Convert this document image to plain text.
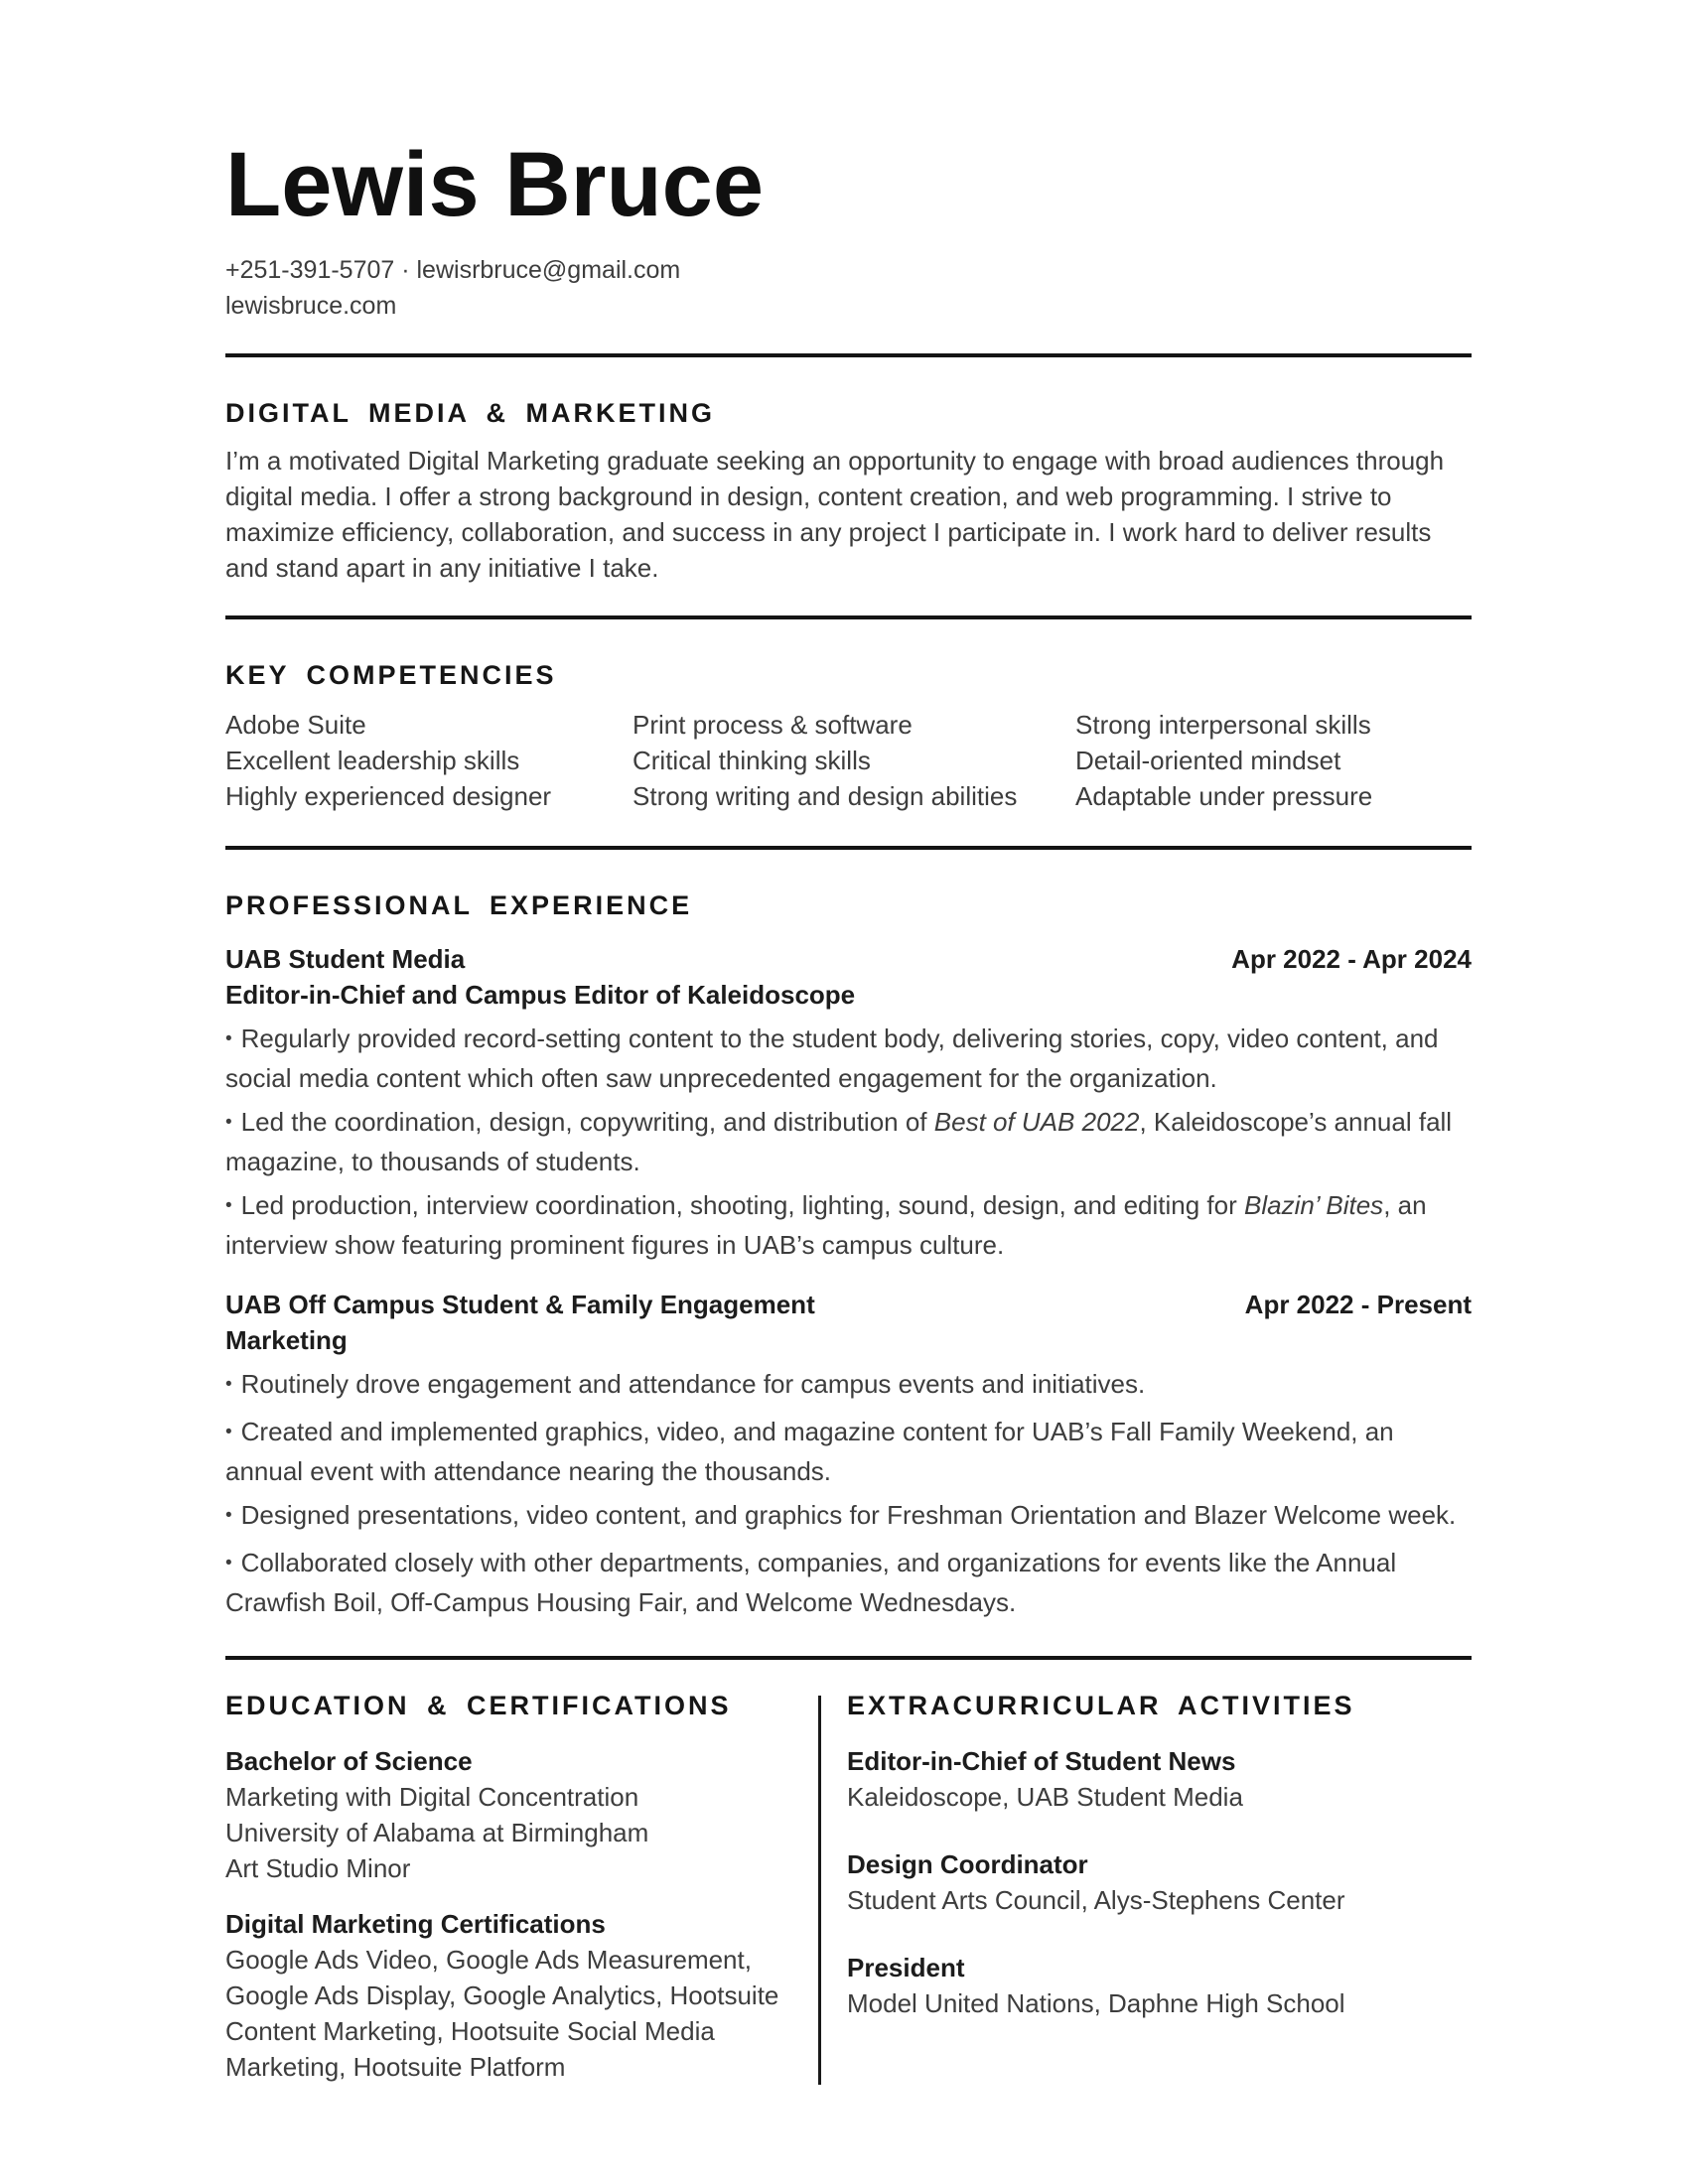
Lewis Bruce
+251-391-5707 · lewisrbruce@gmail.com
lewisbruce.com
DIGITAL MEDIA & MARKETING

I’m a motivated Digital Marketing graduate seeking an opportunity to engage with broad audiences through digital media. I offer a strong background in design, content creation, and web programming. I strive to maximize efficiency, collaboration, and success in any project I participate in. I work hard to deliver results and stand apart in any initiative I take.

KEY COMPETENCIES
Adobe Suite
Excellent leadership skills
Highly experienced designer
Print process & software
Critical thinking skills
Strong writing and design abilities
Strong interpersonal skills
Detail-oriented mindset
Adaptable under pressure
PROFESSIONAL EXPERIENCE
UAB Student Media	Apr 2022 - Apr 2024
Editor-in-Chief and Campus Editor of Kaleidoscope

• Regularly provided record-setting content to the student body, delivering stories, copy, video content, and social media content which often saw unprecedented engagement for the organization.

• Led the coordination, design, copywriting, and distribution of Best of UAB 2022, Kaleidoscope’s annual fall magazine, to thousands of students.

• Led production, interview coordination, shooting, lighting, sound, design, and editing for Blazin’ Bites, an interview show featuring prominent figures in UAB’s campus culture.

UAB Off Campus Student & Family Engagement Marketing
Apr 2022 - Present

• Routinely drove engagement and attendance for campus events and initiatives.

• Created and implemented graphics, video, and magazine content for UAB’s Fall Family Weekend, an annual event with attendance nearing the thousands.

• Designed presentations, video content, and graphics for Freshman Orientation and Blazer Welcome week.

• Collaborated closely with other departments, companies, and organizations for events like the Annual Crawfish Boil, Off-Campus Housing Fair, and Welcome Wednesdays.

EDUCATION & CERTIFICATIONS
Bachelor of Science
Marketing with Digital Concentration
University of Alabama at Birmingham
Art Studio Minor
Digital Marketing Certifications
Google Ads Video, Google Ads Measurement, Google Ads Display, Google Analytics, Hootsuite Content Marketing, Hootsuite Social Media Marketing, Hootsuite Platform
EXTRACURRICULAR ACTIVITIES
Editor-in-Chief of Student News
Kaleidoscope, UAB Student Media
Design Coordinator
Student Arts Council, Alys-Stephens Center
President
Model United Nations, Daphne High School
